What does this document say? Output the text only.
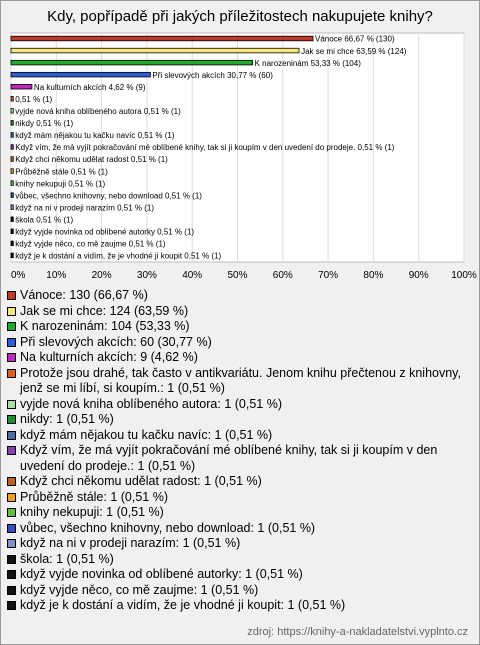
Kdy, popřípadě při jakých příležitostech nakupujete knihy?
0% 10%	20%	30%	40%	50%	60%	70%	80%	90% 100%
Vánoce 66,67 % (130)
Jak se mi chce 63,59 % (124)
K narozeninám 53,33 % (104)
Při slevových akcích 30,77 % (60)
Na kulturních akcích 4,62 % (9)
0,51 % (1)
vyjde nová kniha oblíbeného autora 0,51 % (1)
nikdy 0,51 % (1)
když mám nějakou tu kačku navíc 0,51 % (1)
Když vím, že má vyjít pokračování mé oblíbené knihy, tak si ji koupím v den uvedení do prodeje. 0,51 % (1)
Když chci někomu udělat radost 0,51 % (1)
Průběžně stále 0,51 % (1)
knihy nekupuji 0,51 % (1)
vůbec, všechno knihovny, nebo download 0,51 % (1)
když na ni v prodeji narazím 0,51 % (1)
škola 0,51 % (1)
když vyjde novinka od oblíbené autorky 0,51 % (1)
když vyjde něco, co mě zaujme 0,51 % (1)
když je k dostání a vidím, že je vhodné ji koupit 0,51 % (1)
Vánoce: 130 (66,67 %)
Jak se mi chce: 124 (63,59 %)
K narozeninám: 104 (53,33 %)
Při slevových akcích: 60 (30,77 %)
Na kulturních akcích: 9 (4,62 %)
Protože jsou drahé, tak často v antikvariátu. Jenom knihu přečtenou z knihovny, jenž se mi líbí, si koupím.: 1 (0,51 %)
vyjde nová kniha oblíbeného autora: 1 (0,51 %)
nikdy: 1 (0,51 %)
když mám nějakou tu kačku navíc: 1 (0,51 %)
Když vím, že má vyjít pokračování mé oblíbené knihy, tak si ji koupím v den uvedení do prodeje.: 1 (0,51 %)
Když chci někomu udělat radost: 1 (0,51 %)
Průběžně stále: 1 (0,51 %)
knihy nekupuji: 1 (0,51 %)
vůbec, všechno knihovny, nebo download: 1 (0,51 %)
když na ni v prodeji narazím: 1 (0,51 %)
škola: 1 (0,51 %)
když vyjde novinka od oblíbené autorky: 1 (0,51 %)
když vyjde něco, co mě zaujme: 1 (0,51 %)
když je k dostání a vidím, že je vhodné ji koupit: 1 (0,51 %)
zdroj: https://knihy-a-nakladatelstvi.vyplnto.cz
